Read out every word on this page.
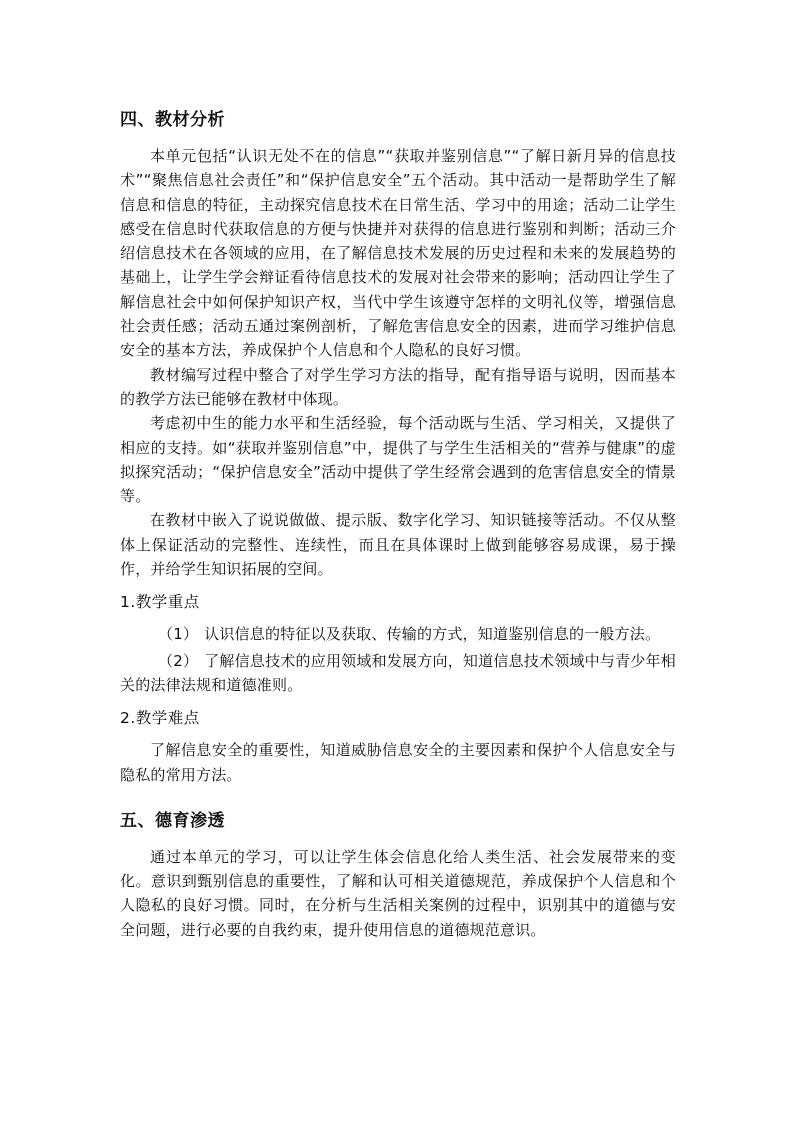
四、教材分析

本单元包括“认识无处不在的信息”“获取并鉴别信息”“了解日新月异的信息技术”“聚焦信息社会责任”和“保护信息安全”五个活动。其中活动一是帮助学生了解信息和信息的特征，主动探究信息技术在日常生活、学习中的用途；活动二让学生感受在信息时代获取信息的方便与快捷并对获得的信息进行鉴别和判断；活动三介绍信息技术在各领域的应用，在了解信息技术发展的历史过程和未来的发展趋势的基础上，让学生学会辩证看待信息技术的发展对社会带来的影响；活动四让学生了解信息社会中如何保护知识产权，当代中学生该遵守怎样的文明礼仪等，增强信息社会责任感；活动五通过案例剖析，了解危害信息安全的因素，进而学习维护信息安全的基本方法，养成保护个人信息和个人隐私的良好习惯。

教材编写过程中整合了对学生学习方法的指导，配有指导语与说明，因而基本的教学方法已能够在教材中体现。

考虑初中生的能力水平和生活经验，每个活动既与生活、学习相关，又提供了相应的支持。如“获取并鉴别信息”中，提供了与学生生活相关的“营养与健康”的虚拟探究活动；“保护信息安全”活动中提供了学生经常会遇到的危害信息安全的情景等。

在教材中嵌入了说说做做、提示版、数字化学习、知识链接等活动。不仅从整体上保证活动的完整性、连续性，而且在具体课时上做到能够容易成课，易于操作，并给学生知识拓展的空间。

1.教学重点

（1） 认识信息的特征以及获取、传输的方式，知道鉴别信息的一般方法。

（2） 了解信息技术的应用领域和发展方向，知道信息技术领域中与青少年相关的法律法规和道德准则。

2.教学难点

了解信息安全的重要性，知道威胁信息安全的主要因素和保护个人信息安全与隐私的常用方法。

五、德育渗透

通过本单元的学习，可以让学生体会信息化给人类生活、社会发展带来的变化。意识到甄别信息的重要性，了解和认可相关道德规范，养成保护个人信息和个人隐私的良好习惯。同时，在分析与生活相关案例的过程中，识别其中的道德与安全问题，进行必要的自我约束，提升使用信息的道德规范意识。
